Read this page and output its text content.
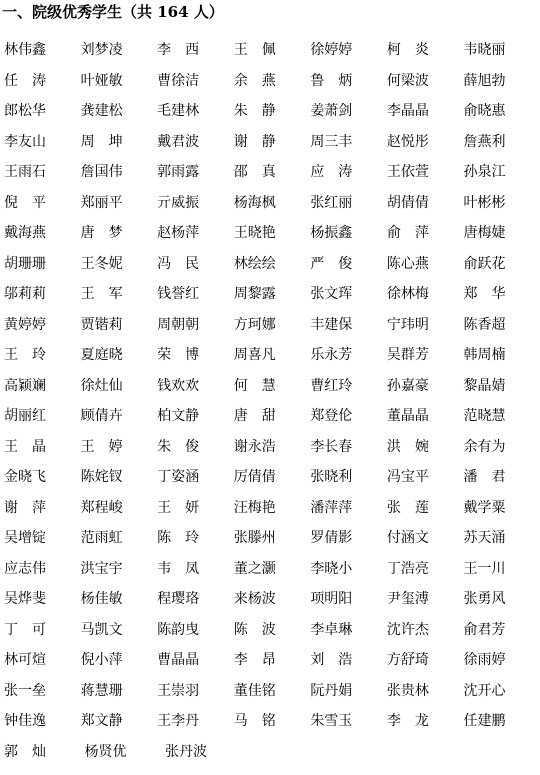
一、院级优秀学生（共 164 人）
林伟鑫	刘梦凌	李　西	王　佩	徐婷婷	柯　炎	韦晓丽
任　涛	叶娅敏	曹徐洁	余　燕	鲁　炳	何梁波	薛旭勃
郎松华	龚建松	毛建林	朱　静	姜萧剑	李晶晶	俞晓惠
李友山	周　坤	戴君波	谢　静	周三丰	赵悦彤	詹燕利
王雨石	詹国伟	郭雨露	邵　真	应　涛	王依萱	孙泉江
倪　平	郑丽平	亓威振	杨海枫	张红丽	胡倩倩	叶彬彬
戴海燕	唐　梦	赵杨萍	王晓艳	杨振鑫	俞　萍	唐梅婕
胡珊珊	王冬妮	冯　民	林绘绘	严　俊	陈心燕	俞跃花
邬莉莉	王　军	钱誉红	周黎露	张文珲	徐林梅	郑　华
黄婷婷	贾锴莉	周朝朝	方珂娜	丰建保	宁玮明	陈香超
王　玲	夏庭晓	荣　博	周喜凡	乐永芳	吴群芳	韩周楠
高颖斓	徐灶仙	钱欢欢	何　慧	曹红玲	孙嘉豪	黎晶婧
胡丽红	顾倩卉	柏文静	唐　甜	郑登伦	董晶晶	范晓慧
王　晶	王　婷	朱　俊	谢永浩	李长春	洪　婉	余有为
金晓飞	陈姹钗	丁姿涵	厉倩倩	张晓利	冯宝平	潘　君
谢　萍	郑程峻	王　妍	汪梅艳	潘萍萍	张　莲	戴学粟
吴增锭	范雨虹	陈　玲	张滕州	罗倩影	付涵文	苏天涌
应志伟	洪宝宇	韦　凤	董之灏	李晓小	丁浩亮	王一川
吴烨斐	杨佳敏	程璎珞	来杨波	项明阳	尹玺溥	张勇风
丁　可	马凯文	陈韵曳	陈　波	李卓琳	沈许杰	俞君芳
林可煊	倪小萍	曹晶晶	李　昂	刘　浩	方舒琦	徐雨婷
张一垒	蒋慧珊	王崇羽	董佳铭	阮丹娟	张贵林	沈开心
钟佳逸	郑文静	王李丹	马　铭	朱雪玉	李　龙	任建鹏
郭　灿	杨贤优	张丹波
